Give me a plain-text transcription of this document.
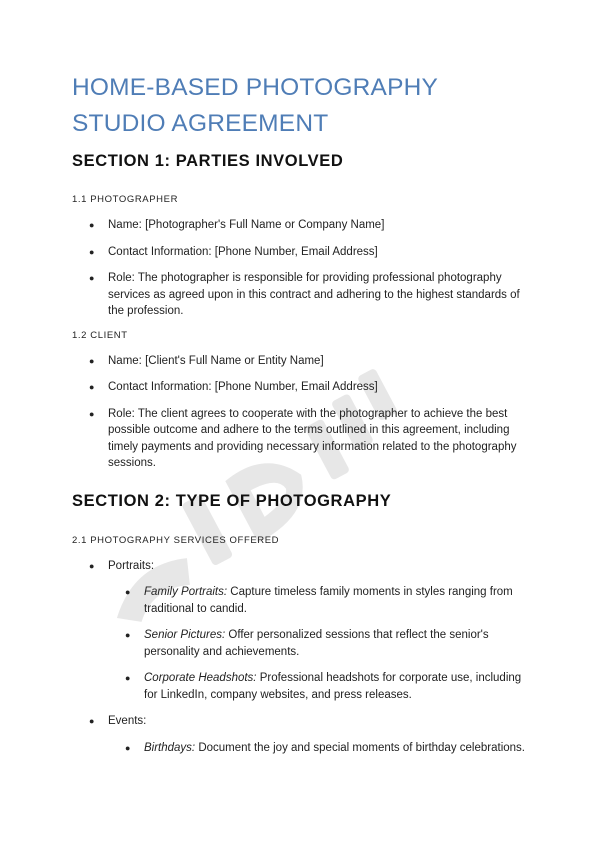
HOME-BASED PHOTOGRAPHY STUDIO AGREEMENT
SECTION 1: PARTIES INVOLVED

1.1 PHOTOGRAPHER

● Name: [Photographer's Full Name or Company Name]
● Contact Information: [Phone Number, Email Address]
● Role: The photographer is responsible for providing professional photography services as agreed upon in this contract and adhering to the highest standards of the profession.

1.2 CLIENT

● Name: [Client's Full Name or Entity Name]
● Contact Information: [Phone Number, Email Address]
● Role: The client agrees to cooperate with the photographer to achieve the best possible outcome and adhere to the terms outlined in this agreement, including timely payments and providing necessary information related to the photography sessions.
SECTION 2: TYPE OF PHOTOGRAPHY

2.1 PHOTOGRAPHY SERVICES OFFERED

● Portraits:
● Family Portraits: Capture timeless family moments in styles ranging from traditional to candid.
● Senior Pictures: Offer personalized sessions that reflect the senior's personality and achievements.
● Corporate Headshots: Professional headshots for corporate use, including for LinkedIn, company websites, and press releases.
● Events:
● Birthdays: Document the joy and special moments of birthday celebrations.
